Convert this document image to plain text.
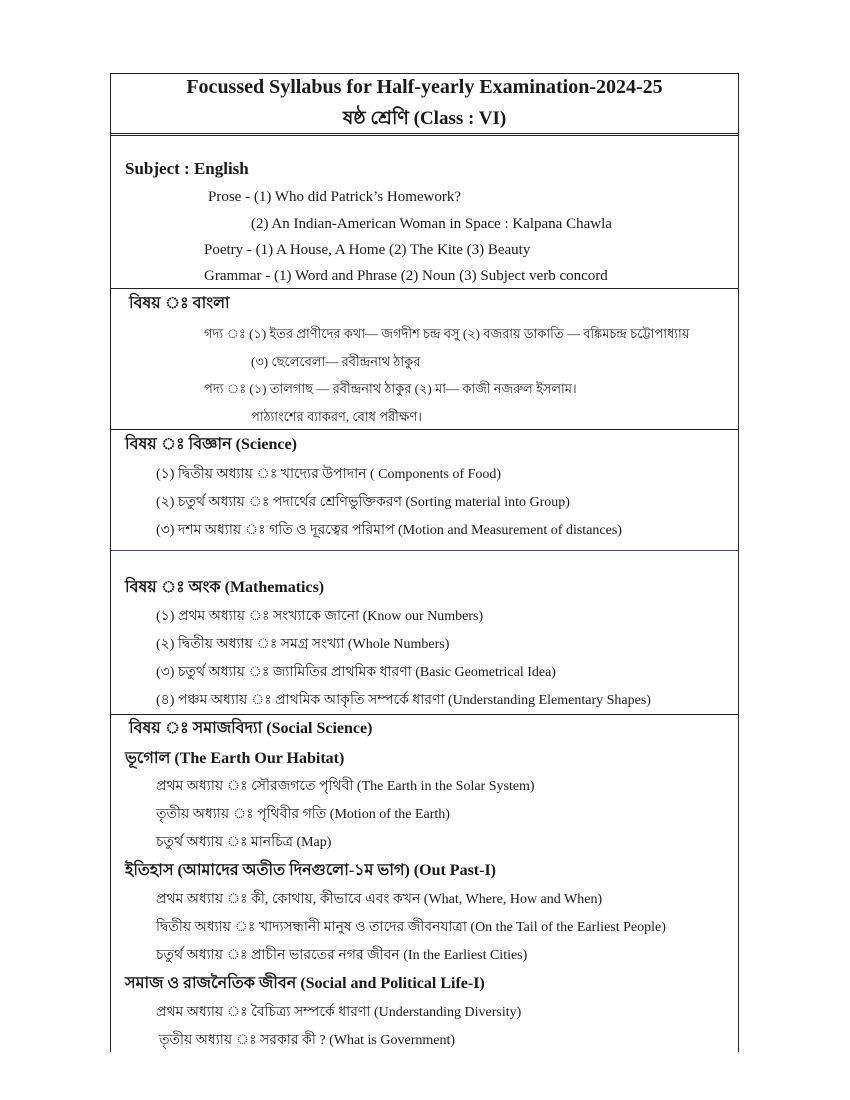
Focussed Syllabus for Half-yearly Examination-2024-25
ষষ্ঠ শ্রেণি (Class : VI)
Subject : English
Prose - (1) Who did Patrick’s Homework?
(2) An Indian-American Woman in Space : Kalpana Chawla
Poetry - (1) A House, A Home (2) The Kite (3) Beauty
Grammar - (1) Word and Phrase (2) Noun (3) Subject verb concord
বিষয় ঃ বাংলা
গদ্য ঃ (১) ইতর প্রাণীদের কথা— জগদীশ চন্দ্র বসু (২) বজরায় ডাকাতি — বঙ্কিমচন্দ্র চট্টোপাধ্যায়
(৩) ছেলেবেলা— রবীন্দ্রনাথ ঠাকুর
পদ্য ঃ (১) তালগাছ — রবীন্দ্রনাথ ঠাকুর (২) মা— কাজী নজরুল ইসলাম।
পাঠ্যাংশের ব্যাকরণ, বোধ পরীক্ষণ।
বিষয় ঃ বিজ্ঞান (Science)
(১) দ্বিতীয় অধ্যায় ঃ খাদ্যের উপাদান ( Components of Food)
(২) চতুর্থ অধ্যায় ঃ পদার্থের শ্রেণিভুক্তিকরণ (Sorting material into Group)
(৩) দশম অধ্যায় ঃ গতি ও দূরত্বের পরিমাপ (Motion and Measurement of distances)
বিষয় ঃ অংক (Mathematics)
(১) প্রথম অধ্যায় ঃ সংখ্যাকে জানো (Know our Numbers)
(২) দ্বিতীয় অধ্যায় ঃ সমগ্র সংখ্যা (Whole Numbers)
(৩) চতুর্থ অধ্যায় ঃ জ্যামিতির প্রাথমিক ধারণা (Basic Geometrical Idea)
(৪) পঞ্চম অধ্যায় ঃ প্রাথমিক আকৃতি সম্পর্কে ধারণা (Understanding Elementary Shapes)
বিষয় ঃ সমাজবিদ্যা (Social Science)
ভূগোল (The Earth Our Habitat)
প্রথম অধ্যায় ঃ সৌরজগতে পৃথিবী (The Earth in the Solar System)
তৃতীয় অধ্যায় ঃ পৃথিবীর গতি (Motion of the Earth)
চতুর্থ অধ্যায় ঃ মানচিত্র (Map)
ইতিহাস (আমাদের অতীত দিনগুলো-১ম ভাগ) (Out Past-I)
প্রথম অধ্যায় ঃ কী, কোথায়, কীভাবে এবং কখন (What, Where, How and When)
দ্বিতীয় অধ্যায় ঃ খাদ্যসন্ধানী মানুষ ও তাদের জীবনযাত্রা (On the Tail of the Earliest People)
চতুর্থ অধ্যায় ঃ প্রাচীন ভারতের নগর জীবন (In the Earliest Cities)
সমাজ ও রাজনৈতিক জীবন (Social and Political Life-I)
প্রথম অধ্যায় ঃ বৈচিত্র্য সম্পর্কে ধারণা (Understanding Diversity)
তৃতীয় অধ্যায় ঃ সরকার কী ? (What is Government)
